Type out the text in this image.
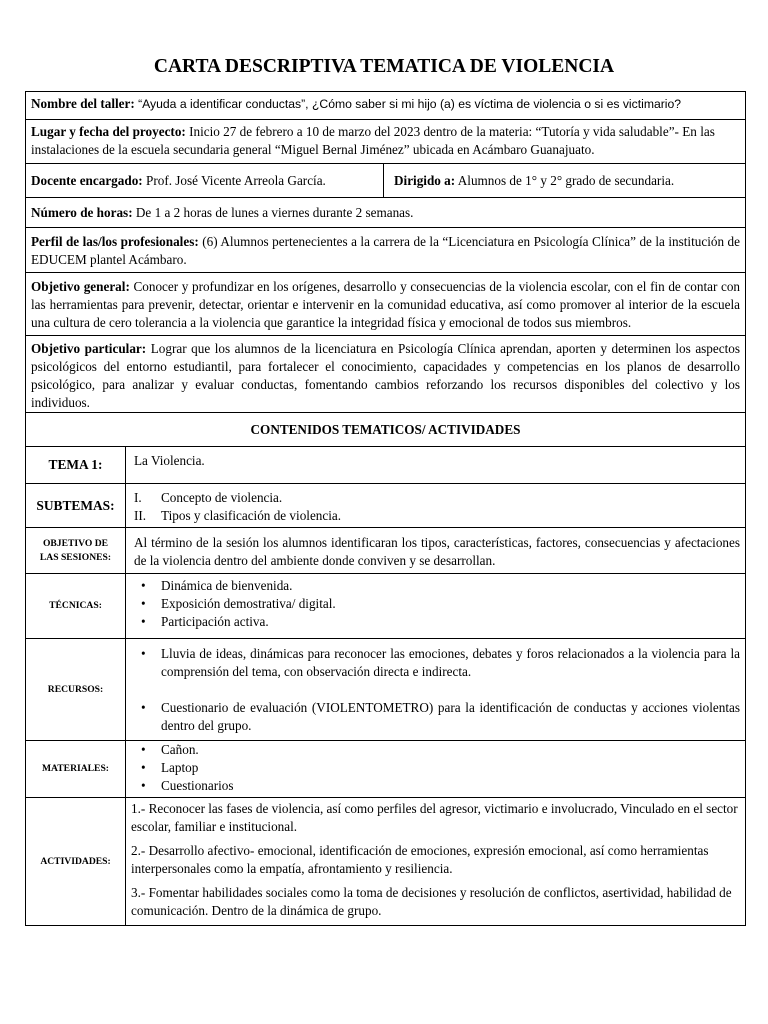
CARTA DESCRIPTIVA TEMATICA DE VIOLENCIA
Nombre del taller: “Ayuda a identificar conductas”, ¿Cómo saber si mi hijo (a) es víctima de violencia o si es victimario?
Lugar y fecha del proyecto: Inicio 27 de febrero a 10 de marzo del 2023 dentro de la materia: “Tutoría y vida saludable”- En las instalaciones de la escuela secundaria general “Miguel Bernal Jiménez” ubicada en Acámbaro Guanajuato.
Docente encargado: Prof. José Vicente Arreola García.	Dirigido a: Alumnos de 1° y 2° grado de secundaria.
Número de horas: De 1 a 2 horas de lunes a viernes durante 2 semanas.
Perfil de las/los profesionales: (6) Alumnos pertenecientes a la carrera de la “Licenciatura en Psicología Clínica” de la institución de EDUCEM plantel Acámbaro.
Objetivo general: Conocer y profundizar en los orígenes, desarrollo y consecuencias de la violencia escolar, con el fin de contar con las herramientas para prevenir, detectar, orientar e intervenir en la comunidad educativa, así como promover al interior de la escuela una cultura de cero tolerancia a la violencia que garantice la integridad física y emocional de todos sus miembros.
Objetivo particular: Lograr que los alumnos de la licenciatura en Psicología Clínica aprendan, aporten y determinen los aspectos psicológicos del entorno estudiantil, para fortalecer el conocimiento, capacidades y competencias en los planos de desarrollo psicológico, para analizar y evaluar conductas, fomentando cambios reforzando los recursos disponibles del colectivo y los individuos.
CONTENIDOS TEMATICOS/ ACTIVIDADES
TEMA 1:	La Violencia.
SUBTEMAS:	I. Concepto de violencia.
II. Tipos y clasificación de violencia.
OBJETIVO DE
LAS SESIONES:
Al término de la sesión los alumnos identificaran los tipos, características, factores, consecuencias y afectaciones de la violencia dentro del ambiente donde conviven y se desarrollan.
TÉCNICAS:
• Dinámica de bienvenida.
• Exposición demostrativa/ digital.
• Participación activa.
RECURSOS:
• Lluvia de ideas, dinámicas para reconocer las emociones, debates y foros relacionados a la violencia para la comprensión del tema, con observación directa e indirecta.
• Cuestionario de evaluación (VIOLENTOMETRO) para la identificación de conductas y acciones violentas dentro del grupo.
MATERIALES:
• Cañon.
• Laptop
• Cuestionarios
ACTIVIDADES:

1.- Reconocer las fases de violencia, así como perfiles del agresor, victimario e involucrado, Vinculado en el sector escolar, familiar e institucional.

2.- Desarrollo afectivo- emocional, identificación de emociones, expresión emocional, así como herramientas interpersonales como la empatía, afrontamiento y resiliencia.

3.- Fomentar habilidades sociales como la toma de decisiones y resolución de conflictos, asertividad, habilidad de comunicación. Dentro de la dinámica de grupo.
